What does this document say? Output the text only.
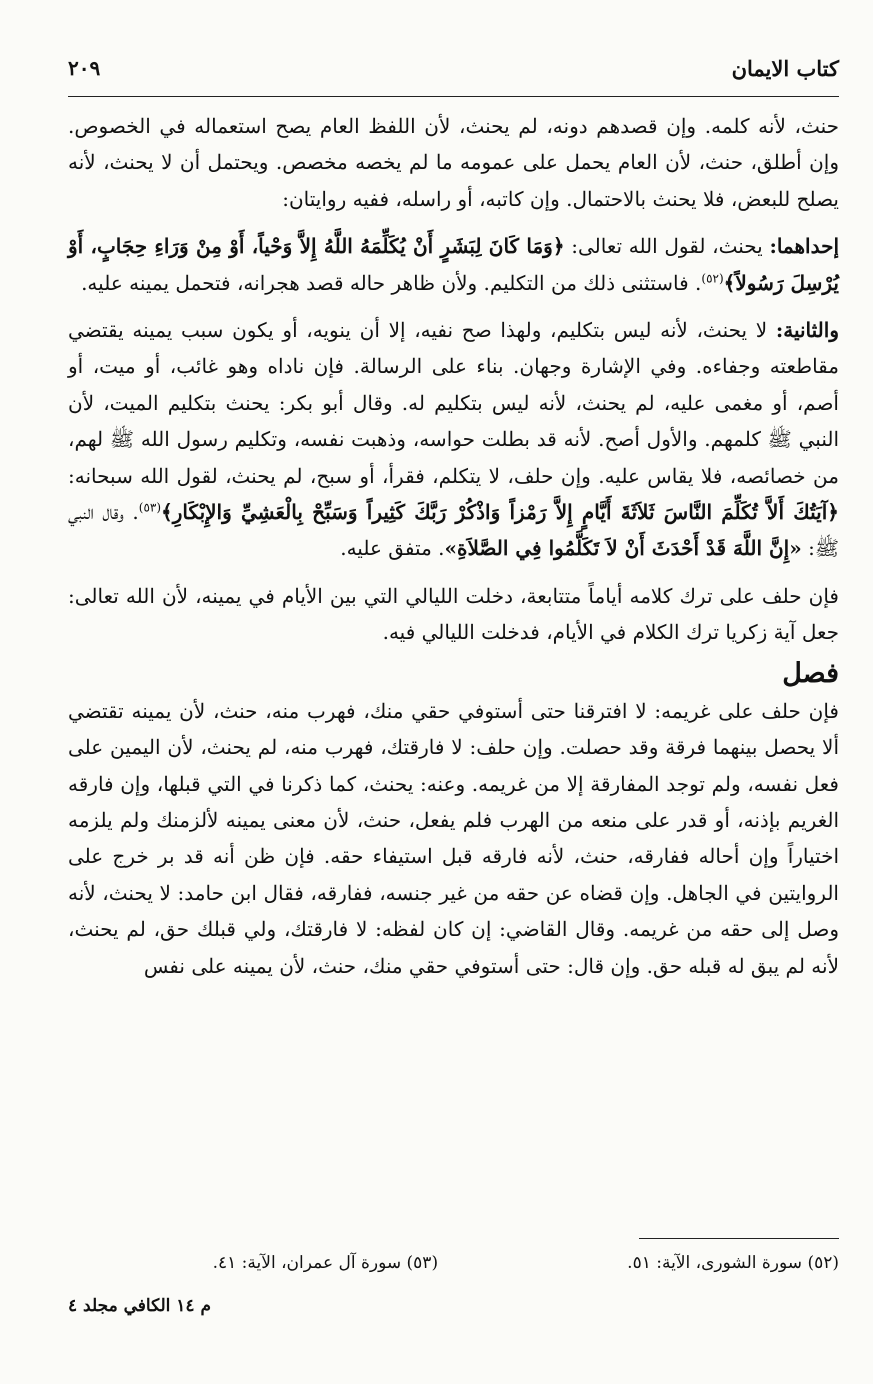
كتاب الايمان
٢٠٩

حنث، لأنه كلمه. وإن قصدهم دونه، لم يحنث، لأن اللفظ العام يصح استعماله في الخصوص. وإن أطلق، حنث، لأن العام يحمل على عمومه ما لم يخصه مخصص. ويحتمل أن لا يحنث، لأنه يصلح للبعض، فلا يحنث بالاحتمال. وإن كاتبه، أو راسله، ففيه روايتان:

إحداهما: يحنث، لقول الله تعالى: ﴿وَمَا كَانَ لِبَشَرٍ أَنْ يُكَلِّمَهُ اللَّهُ إِلاَّ وَحْياً، أَوْ مِنْ وَرَاءِ حِجَابٍ، أَوْ يُرْسِلَ رَسُولاً﴾$^{(٥٢)}$. فاستثنى ذلك من التكليم. ولأن ظاهر حاله قصد هجرانه، فتحمل يمينه عليه.

والثانية: لا يحنث، لأنه ليس بتكليم، ولهذا صح نفيه، إلا أن ينويه، أو يكون سبب يمينه يقتضي مقاطعته وجفاءه. وفي الإشارة وجهان. بناء على الرسالة. فإن ناداه وهو غائب، أو ميت، أو أصم، أو مغمى عليه، لم يحنث، لأنه ليس بتكليم له. وقال أبو بكر: يحنث بتكليم الميت، لأن النبي ﷺ كلمهم. والأول أصح. لأنه قد بطلت حواسه، وذهبت نفسه، وتكليم رسول الله ﷺ لهم، من خصائصه، فلا يقاس عليه. وإن حلف، لا يتكلم، فقرأ، أو سبح، لم يحنث، لقول الله سبحانه: ﴿آيَتُكَ أَلاَّ تُكَلِّمَ النَّاسَ ثَلاَثَةَ أَيَّامٍ إِلاَّ رَمْزاً وَاذْكُرْ رَبَّكَ كَثِيراً وَسَبِّحْ بِالْعَشِيِّ وَالإِبْكَارِ﴾$^{(٥٣)}$. وقال النبي ﷺ: «إِنَّ اللَّهَ قَدْ أَحْدَثَ أَنْ لاَ تَكَلَّمُوا فِي الصَّلاَةِ». متفق عليه.

فإن حلف على ترك كلامه أياماً متتابعة، دخلت الليالي التي بين الأيام في يمينه، لأن الله تعالى: جعل آية زكريا ترك الكلام في الأيام، فدخلت الليالي فيه.

فصل

فإن حلف على غريمه: لا افترقنا حتى أستوفي حقي منك، فهرب منه، حنث، لأن يمينه تقتضي ألا يحصل بينهما فرقة وقد حصلت. وإن حلف: لا فارقتك، فهرب منه، لم يحنث، لأن اليمين على فعل نفسه، ولم توجد المفارقة إلا من غريمه. وعنه: يحنث، كما ذكرنا في التي قبلها، وإن فارقه الغريم بإذنه، أو قدر على منعه من الهرب فلم يفعل، حنث، لأن معنى يمينه لألزمنك ولم يلزمه اختياراً وإن أحاله ففارقه، حنث، لأنه فارقه قبل استيفاء حقه. فإن ظن أنه قد بر خرج على الروايتين في الجاهل. وإن قضاه عن حقه من غير جنسه، ففارقه، فقال ابن حامد: لا يحنث، لأنه وصل إلى حقه من غريمه. وقال القاضي: إن كان لفظه: لا فارقتك، ولي قبلك حق، لم يحنث، لأنه لم يبق له قبله حق. وإن قال: حتى أستوفي حقي منك، حنث، لأن يمينه على نفس

(٥٢) سورة الشورى، الآية: ٥١.
(٥٣) سورة آل عمران، الآية: ٤١.
م ١٤ الكافي مجلد ٤
